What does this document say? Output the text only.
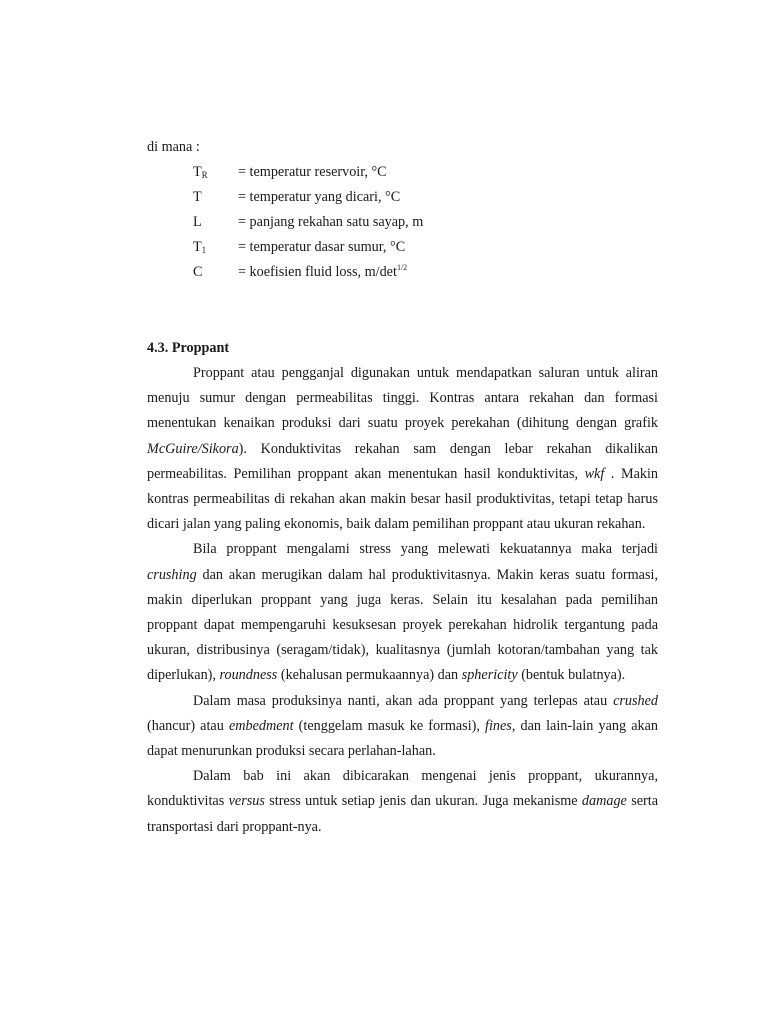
di mana :
$T_R$ = temperatur reservoir, °C
T	= temperatur yang dicari, °C
L	= panjang rekahan satu sayap, m
$T_1$ = temperatur dasar sumur, °C
C	= koefisien fluid loss, $m/\det^{1/2}$
4.3. Proppant

Proppant atau pengganjal digunakan untuk mendapatkan saluran untuk aliran menuju sumur dengan permeabilitas tinggi. Kontras antara rekahan dan formasi menentukan kenaikan produksi dari suatu proyek perekahan (dihitung dengan grafik McGuire/Sikora). Konduktivitas rekahan sam dengan lebar rekahan dikalikan permeabilitas. Pemilihan proppant akan menentukan hasil konduktivitas, wkf . Makin kontras permeabilitas di rekahan akan makin besar hasil produktivitas, tetapi tetap harus dicari jalan yang paling ekonomis, baik dalam pemilihan proppant atau ukuran rekahan.

Bila proppant mengalami stress yang melewati kekuatannya maka terjadi crushing dan akan merugikan dalam hal produktivitasnya. Makin keras suatu formasi, makin diperlukan proppant yang juga keras. Selain itu kesalahan pada pemilihan proppant dapat mempengaruhi kesuksesan proyek perekahan hidrolik tergantung pada ukuran, distribusinya (seragam/tidak), kualitasnya (jumlah kotoran/tambahan yang tak diperlukan), roundness (kehalusan permukaannya) dan sphericity (bentuk bulatnya).

Dalam masa produksinya nanti, akan ada proppant yang terlepas atau crushed (hancur) atau embedment (tenggelam masuk ke formasi), fines, dan lain-lain yang akan dapat menurunkan produksi secara perlahan-lahan.

Dalam bab ini akan dibicarakan mengenai jenis proppant, ukurannya, konduktivitas versus stress untuk setiap jenis dan ukuran. Juga mekanisme damage serta transportasi dari proppant-nya.
